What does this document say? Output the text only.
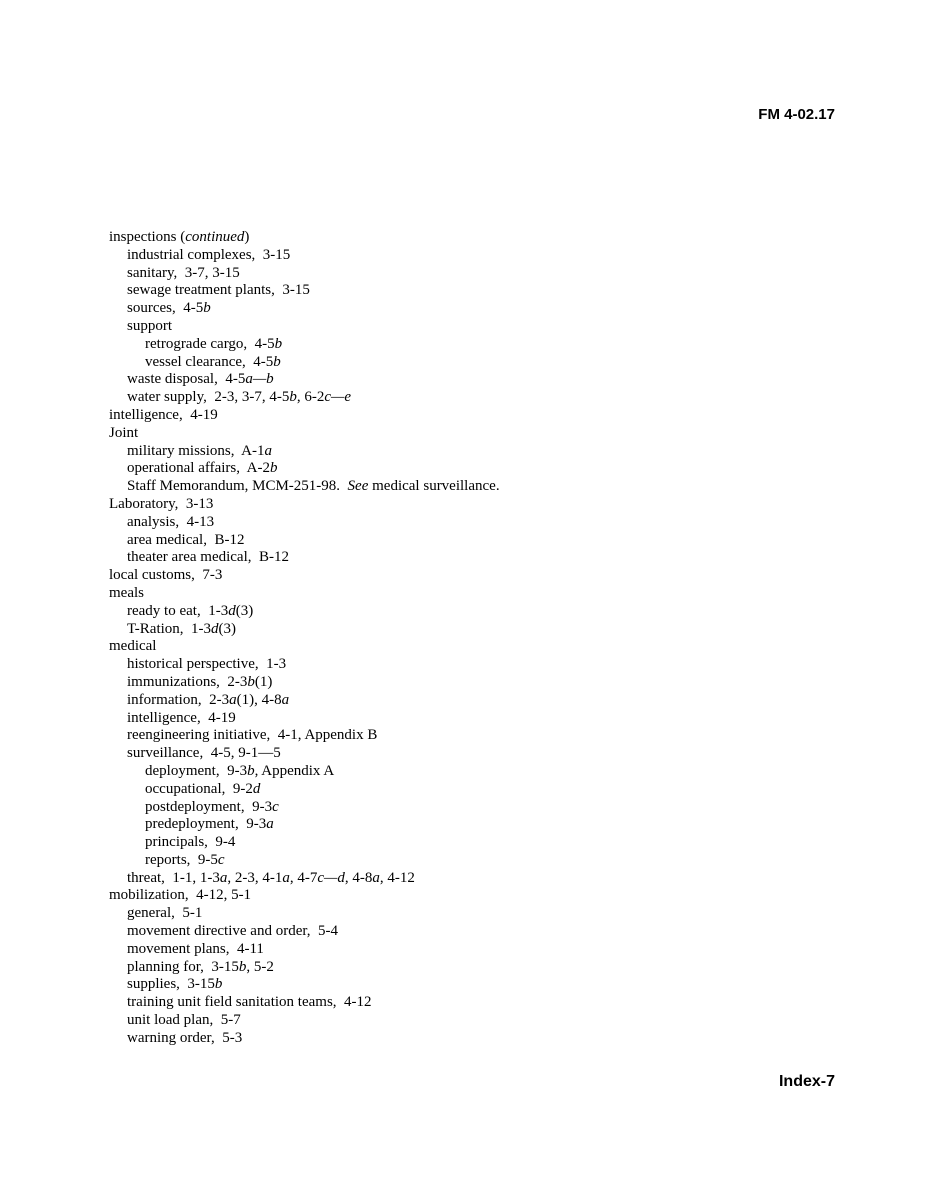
FM 4-02.17
inspections (continued)
industrial complexes,  3-15
sanitary,  3-7, 3-15
sewage treatment plants,  3-15
sources,  4-5b
support
retrograde cargo,  4-5b
vessel clearance,  4-5b
waste disposal,  4-5a—b
water supply,  2-3, 3-7, 4-5b, 6-2c—e
intelligence,  4-19
Joint
military missions,  A-1a
operational affairs,  A-2b
Staff Memorandum, MCM-251-98.  See medical surveillance.
Laboratory,  3-13
analysis,  4-13
area medical,  B-12
theater area medical,  B-12
local customs,  7-3
meals
ready to eat,  1-3d(3)
T-Ration,  1-3d(3)
medical
historical perspective,  1-3
immunizations,  2-3b(1)
information,  2-3a(1), 4-8a
intelligence,  4-19
reengineering initiative,  4-1, Appendix B
surveillance,  4-5, 9-1—5
deployment,  9-3b, Appendix A
occupational,  9-2d
postdeployment,  9-3c
predeployment,  9-3a
principals,  9-4
reports,  9-5c
threat,  1-1, 1-3a, 2-3, 4-1a, 4-7c—d, 4-8a, 4-12
mobilization,  4-12, 5-1
general,  5-1
movement directive and order,  5-4
movement plans,  4-11
planning for,  3-15b, 5-2
supplies,  3-15b
training unit field sanitation teams,  4-12
unit load plan,  5-7
warning order,  5-3
Index-7
